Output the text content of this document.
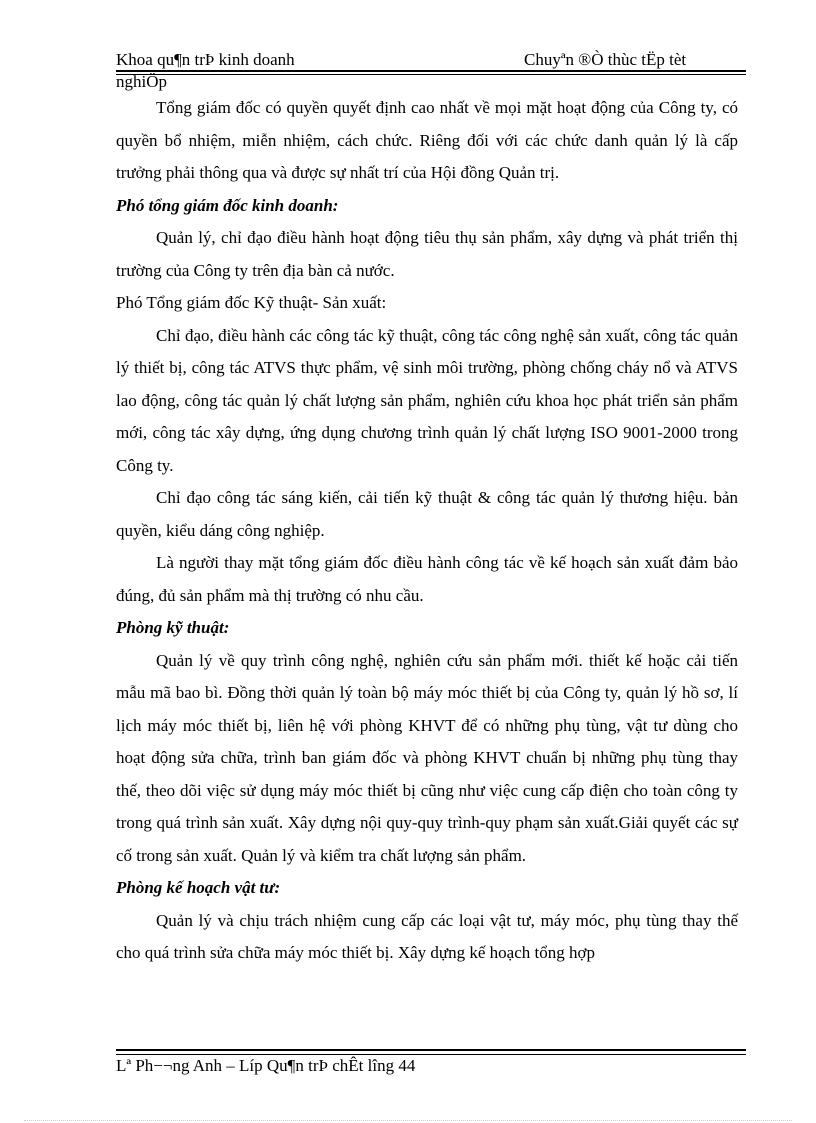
Khoa qu¶n trÞ kinh doanh	Chuyªn ®Ò thùc tËp tèt
nghiÖp

Tổng giám đốc có quyền quyết định cao nhất về mọi mặt hoạt động của Công ty, có quyền bổ nhiệm, miễn nhiệm, cách chức. Riêng đối với các chức danh quản lý là cấp trưởng phải thông qua và được sự nhất trí của Hội đồng Quản trị.

Phó tổng giám đốc kinh doanh:

Quản lý, chỉ đạo điều hành hoạt động tiêu thụ sản phẩm, xây dựng và phát triển thị trường của Công ty trên địa bàn cả nước.

Phó Tổng giám đốc Kỹ thuật- Sản xuất:

Chỉ đạo, điều hành các công tác kỹ thuật, công tác công nghệ sản xuất, công tác quản lý thiết bị, công tác ATVS thực phẩm, vệ sinh môi trường, phòng chống cháy nổ và ATVS lao động, công tác quản lý chất lượng sản phẩm, nghiên cứu khoa học phát triển sản phẩm mới, công tác xây dựng, ứng dụng chương trình quản lý chất lượng ISO 9001-2000 trong Công ty.

Chỉ đạo công tác sáng kiến, cải tiến kỹ thuật & công tác quản lý thương hiệu. bản quyền, kiểu dáng công nghiệp.

Là người thay mặt tổng giám đốc điều hành công tác về kế hoạch sản xuất đảm bảo đúng, đủ sản phẩm mà thị trường có nhu cầu.

Phòng kỹ thuật:

Quản lý về quy trình công nghệ, nghiên cứu sản phẩm mới. thiết kế hoặc cải tiến mẫu mã bao bì. Đồng thời quản lý toàn bộ máy móc thiết bị của Công ty, quản lý hồ sơ, lí lịch máy móc thiết bị, liên hệ với phòng KHVT để có những phụ tùng, vật tư dùng cho hoạt động sửa chữa, trình ban giám đốc và phòng KHVT chuẩn bị những phụ tùng thay thế, theo dõi việc sử dụng máy móc thiết bị cũng như việc cung cấp điện cho toàn công ty trong quá trình sản xuất. Xây dựng nội quy-quy trình-quy phạm sản xuất.Giải quyết các sự cố trong sản xuất. Quản lý và kiểm tra chất lượng sản phẩm.

Phòng kế hoạch vật tư:

Quản lý và chịu trách nhiệm cung cấp các loại vật tư, máy móc, phụ tùng thay thế cho quá trình sửa chữa máy móc thiết bị. Xây dựng kế hoạch tổng hợp

Lª Ph−¬ng Anh – Líp Qu¶n trÞ chÊt lîng 44
